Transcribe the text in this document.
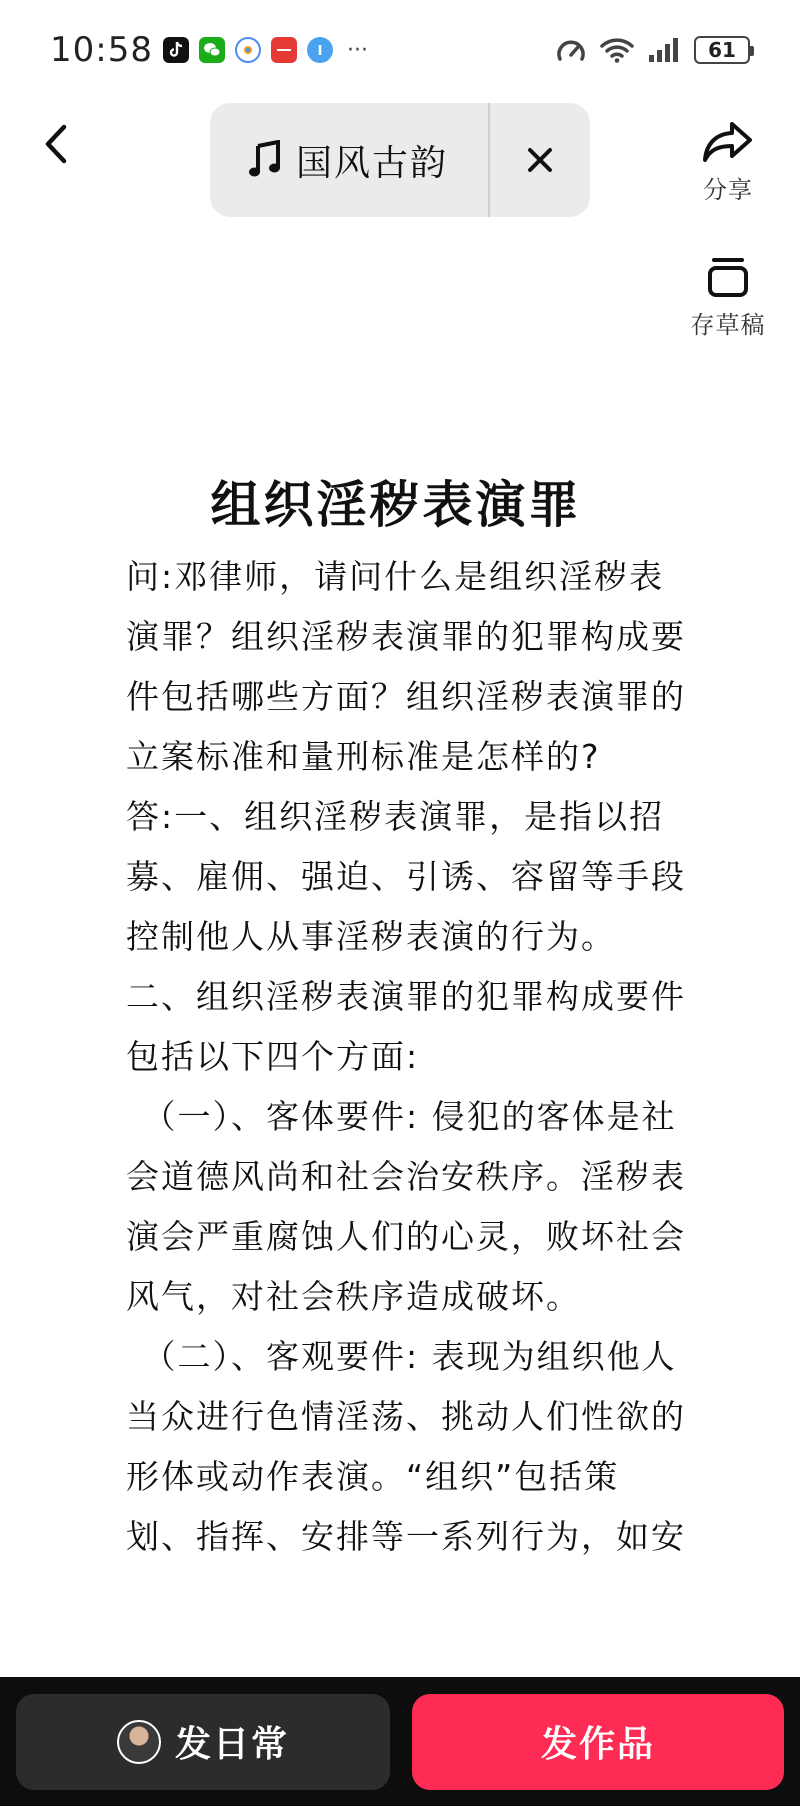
10:58	···	61
国风古韵
分享
存草稿
组织淫秽表演罪

问:邓律师，请问什么是组织淫秽表演罪？组织淫秽表演罪的犯罪构成要件包括哪些方面？组织淫秽表演罪的立案标准和量刑标准是怎样的?

答:一、组织淫秽表演罪，是指以招募、雇佣、强迫、引诱、容留等手段控制他人从事淫秽表演的行为。

二、组织淫秽表演罪的犯罪构成要件包括以下四个方面:

（一）、客体要件: 侵犯的客体是社会道德风尚和社会治安秩序。淫秽表演会严重腐蚀人们的心灵，败坏社会风气，对社会秩序造成破坏。

（二）、客观要件: 表现为组织他人当众进行色情淫荡、挑动人们性欲的形体或动作表演。“组织”包括策划、指挥、安排等一系列行为，如安

发日常	发作品
